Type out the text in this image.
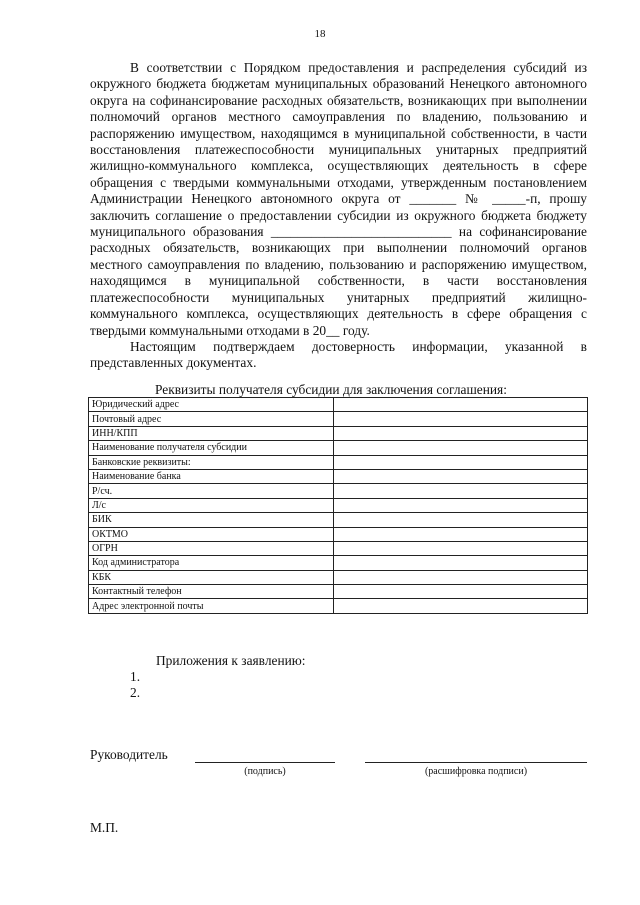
18

В соответствии с Порядком предоставления и распределения субсидий из окружного бюджета бюджетам муниципальных образований Ненецкого автономного округа на софинансирование расходных обязательств, возникающих при выполнении полномочий органов местного самоуправления по владению, пользованию и распоряжению имуществом, находящимся в муниципальной собственности, в части восстановления платежеспособности муниципальных унитарных предприятий жилищно-коммунального комплекса, осуществляющих деятельность в сфере обращения с твердыми коммунальными отходами, утвержденным постановлением Администрации Ненецкого автономного округа от _______ № _____-п, прошу заключить соглашение о предоставлении субсидии из окружного бюджета бюджету муниципального образования ___________________________ на софинансирование расходных обязательств, возникающих при выполнении полномочий органов местного самоуправления по владению, пользованию и распоряжению имуществом, находящимся в муниципальной собственности, в части восстановления платежеспособности муниципальных унитарных предприятий жилищно-коммунального комплекса, осуществляющих деятельность в сфере обращения с твердыми коммунальными отходами в 20__ году.

Настоящим подтверждаем достоверность информации, указанной в представленных документах.

Реквизиты получателя субсидии для заключения соглашения:
Юридический адрес	
Почтовый адрес	
ИНН/КПП	
Наименование получателя субсидии	
Банковские реквизиты:	
Наименование банка	
Р/сч.	
Л/с	
БИК	
ОКТМО	
ОГРН	
Код администратора	
КБК	
Контактный телефон	
Адрес электронной почты	
Приложения к заявлению:
1.
2.
Руководитель
(подпись)	(расшифровка подписи)
М.П.
